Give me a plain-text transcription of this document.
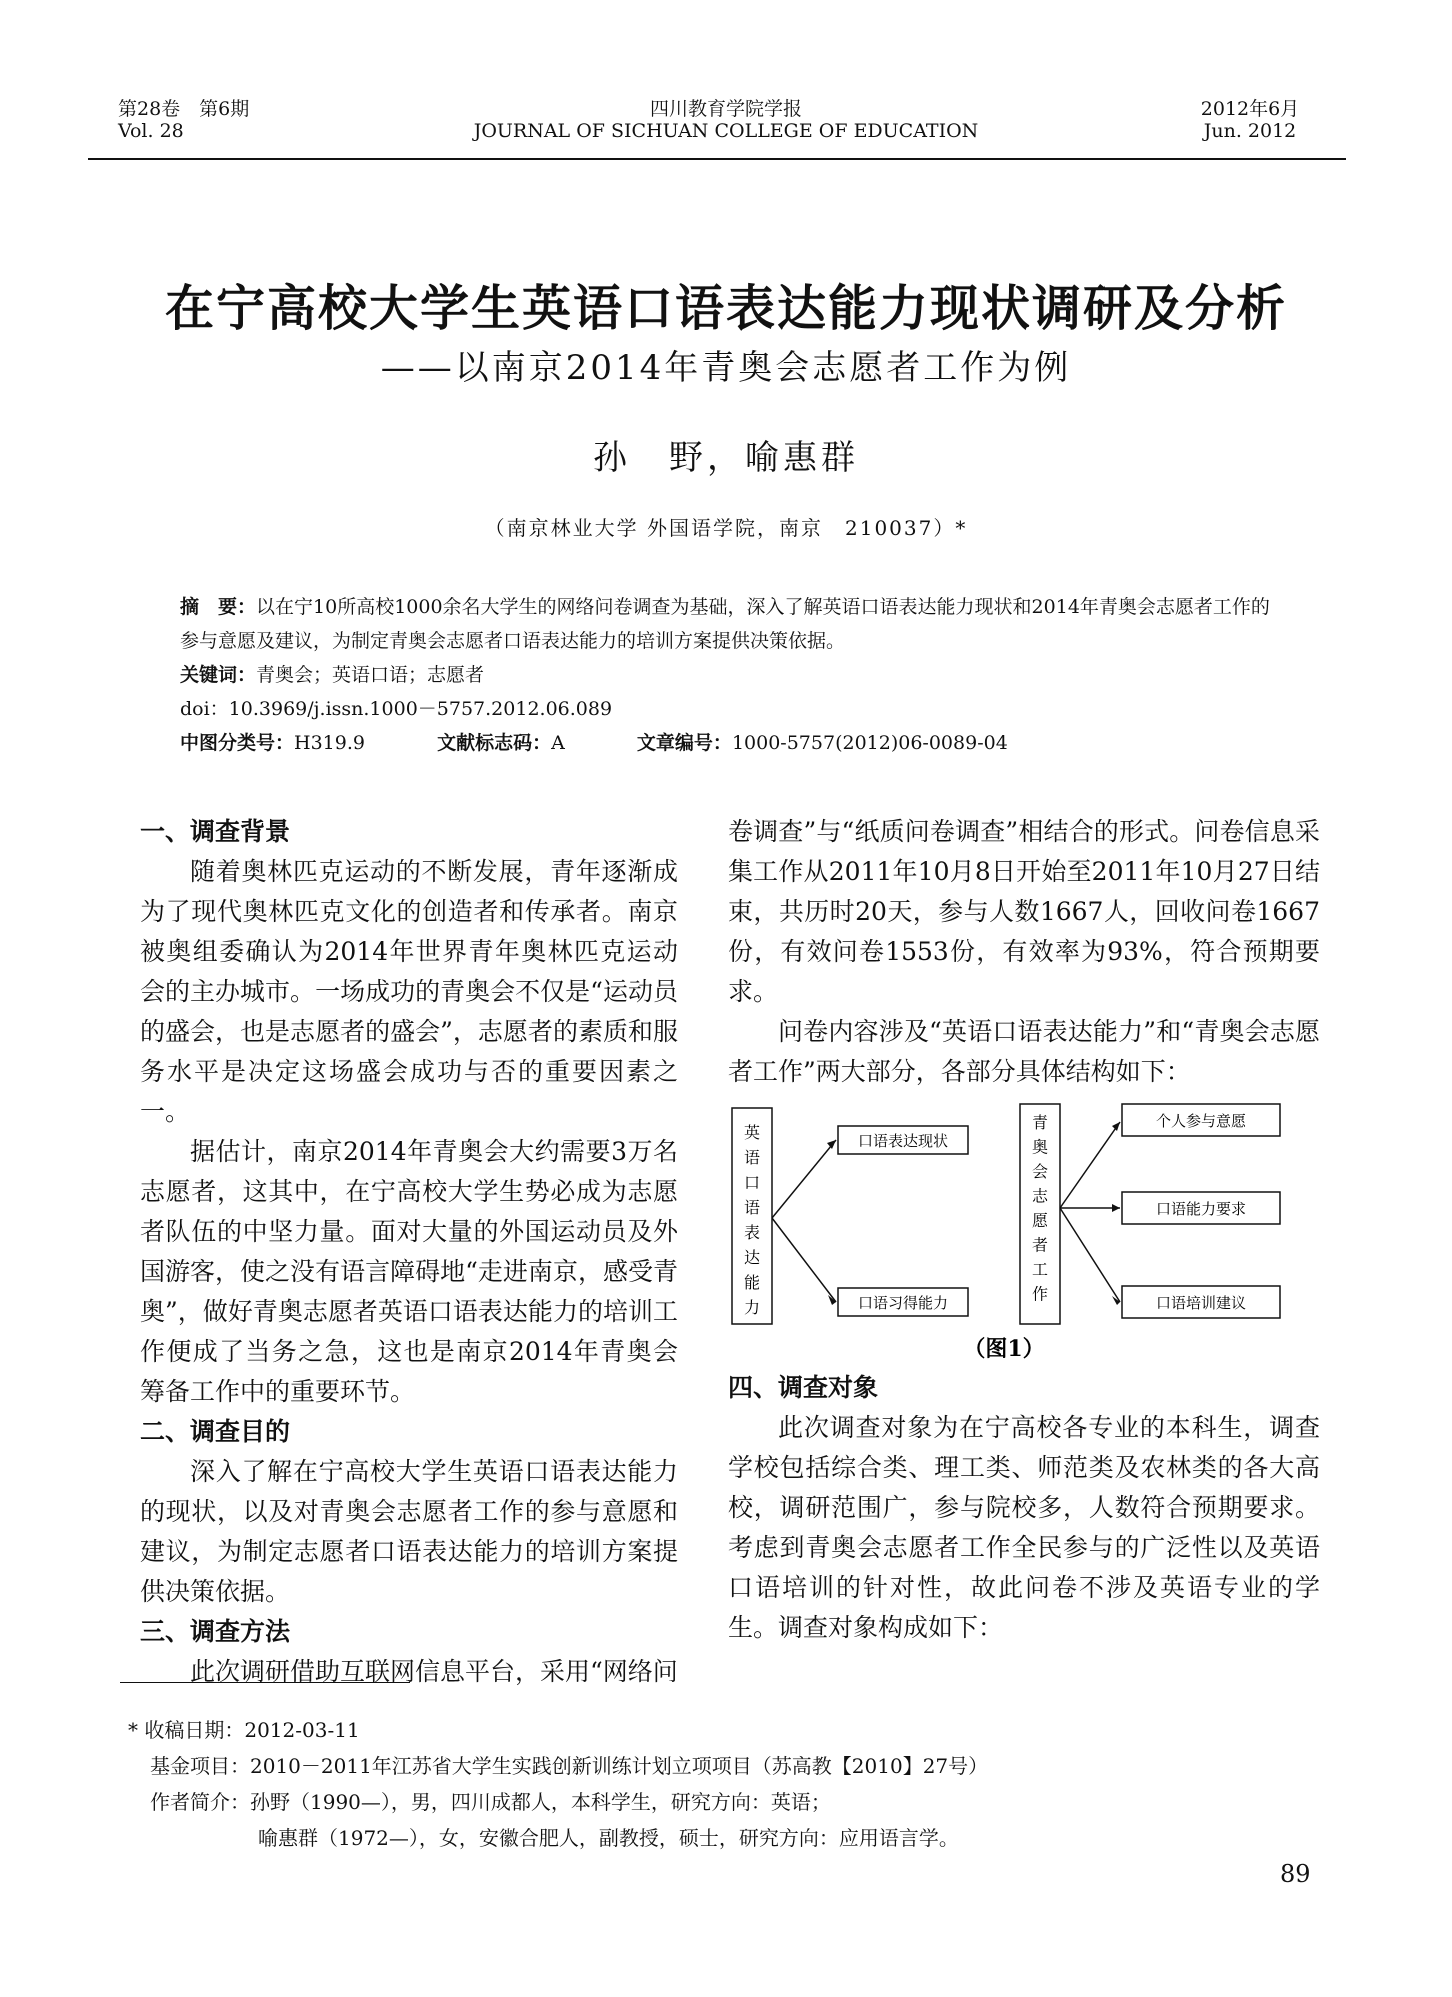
第28卷　第6期
Vol. 28
四川教育学院学报
JOURNAL OF SICHUAN COLLEGE OF EDUCATION
2012年6月
Jun. 2012
在宁高校大学生英语口语表达能力现状调研及分析
——以南京2014年青奥会志愿者工作为例
孙　野，喻惠群
（南京林业大学 外国语学院，南京　210037）*

摘　要：以在宁10所高校1000余名大学生的网络问卷调查为基础，深入了解英语口语表达能力现状和2014年青奥会志愿者工作的参与意愿及建议，为制定青奥会志愿者口语表达能力的培训方案提供决策依据。

关键词：青奥会；英语口语；志愿者

doi：10.3969/j.issn.1000－5757.2012.06.089

中图分类号：H319.9	文献标志码：A	文章编号：1000-5757(2012)06-0089-04

一、调查背景

随着奥林匹克运动的不断发展，青年逐渐成为了现代奥林匹克文化的创造者和传承者。南京被奥组委确认为2014年世界青年奥林匹克运动会的主办城市。一场成功的青奥会不仅是“运动员的盛会，也是志愿者的盛会”，志愿者的素质和服务水平是决定这场盛会成功与否的重要因素之一。

据估计，南京2014年青奥会大约需要3万名志愿者，这其中，在宁高校大学生势必成为志愿者队伍的中坚力量。面对大量的外国运动员及外国游客，使之没有语言障碍地“走进南京，感受青奥”，做好青奥志愿者英语口语表达能力的培训工作便成了当务之急，这也是南京2014年青奥会筹备工作中的重要环节。

二、调查目的

深入了解在宁高校大学生英语口语表达能力的现状，以及对青奥会志愿者工作的参与意愿和建议，为制定志愿者口语表达能力的培训方案提供决策依据。

三、调查方法

此次调研借助互联网信息平台，采用“网络问

卷调查”与“纸质问卷调查”相结合的形式。问卷信息采集工作从2011年10月8日开始至2011年10月27日结束，共历时20天，参与人数1667人，回收问卷1667份，有效问卷1553份，有效率为93%，符合预期要求。

问卷内容涉及“英语口语表达能力”和“青奥会志愿者工作”两大部分，各部分具体结构如下：

英语口语表达能力
口语表达现状
口语习得能力
青奥会志愿者工作
个人参与意愿
口语能力要求
口语培训建议
（图1）
四、调查对象

此次调查对象为在宁高校各专业的本科生，调查学校包括综合类、理工类、师范类及农林类的各大高校，调研范围广，参与院校多，人数符合预期要求。考虑到青奥会志愿者工作全民参与的广泛性以及英语口语培训的针对性，故此问卷不涉及英语专业的学生。调查对象构成如下：

* 收稿日期：2012-03-11
基金项目：2010－2011年江苏省大学生实践创新训练计划立项项目（苏高教【2010】27号）
作者简介：孙野（1990—），男，四川成都人，本科学生，研究方向：英语；
喻惠群（1972—），女，安徽合肥人，副教授，硕士，研究方向：应用语言学。
89
